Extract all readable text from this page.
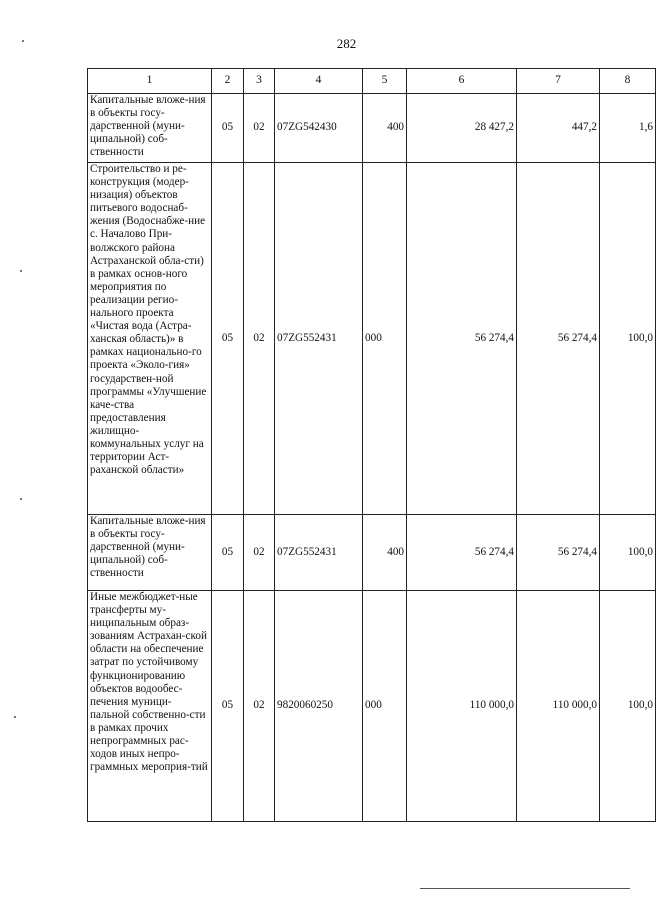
282
1	2	3	4	5	6	7	8
Капитальные вложе-ния в объекты госу-дарственной (муни-ципальной) соб-ственности	05	02	07ZG542430	400	28 427,2	447,2	1,6
Строительство и ре-конструкция (модер-низация) объектов питьевого водоснаб-жения (Водоснабже-ние с. Началово При-волжского района Астраханской обла-сти) в рамках основ-ного мероприятия по реализации регио-нального проекта «Чистая вода (Астра-ханская область)» в рамках национально-го проекта «Эколо-гия» государствен-ной программы «Улучшение каче-ства предоставления жилищно-коммунальных услуг на территории Аст-раханской области»	05	02	07ZG552431	000	56 274,4	56 274,4	100,0
Капитальные вложе-ния в объекты госу-дарственной (муни-ципальной) соб-ственности	05	02	07ZG552431	400	56 274,4	56 274,4	100,0
Иные межбюджет-ные трансферты му-ниципальным образ-зованиям Астрахан-ской области на обеспечение затрат по устойчивому функционированию объектов водообес-печения муници-пальной собственно-сти в рамках прочих непрограммных рас-ходов иных непро-граммных мероприя-тий	05	02	9820060250	000	110 000,0	110 000,0	100,0
